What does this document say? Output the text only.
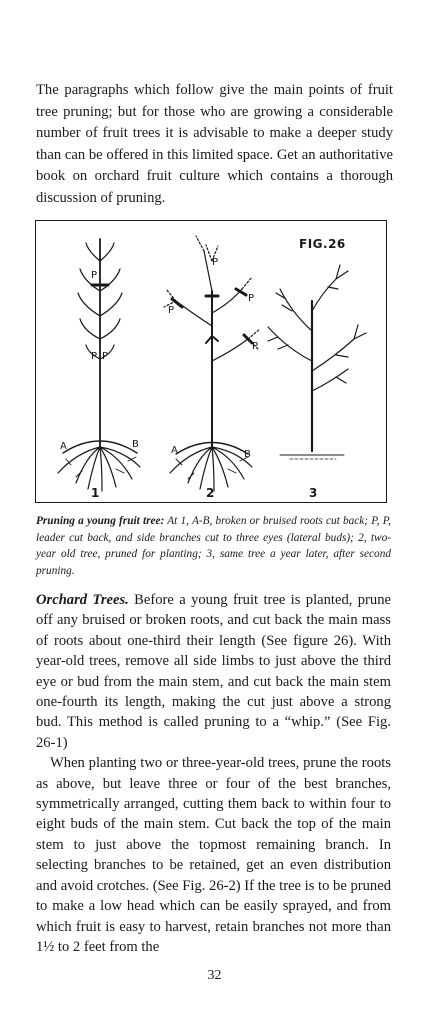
The paragraphs which follow give the main points of fruit tree pruning; but for those who are growing a considerable number of fruit trees it is advisable to make a deeper study than can be offered in this limited space. Get an authoritative book on orchard fruit culture which contains a thorough discussion of pruning.

FIG.26
P
P P
A	B
P
P
P
P
A	B
1	2	3

Pruning a young fruit tree: At 1, A-B, broken or bruised roots cut back; P, P, leader cut back, and side branches cut to three eyes (lateral buds); 2, two-year old tree, pruned for planting; 3, same tree a year later, after second pruning.

Orchard Trees. Before a young fruit tree is planted, prune off any bruised or broken roots, and cut back the main mass of roots about one-third their length (See figure 26). With year-old trees, remove all side limbs to just above the third eye or bud from the main stem, and cut back the main stem one-fourth its length, making the cut just above a strong bud. This method is called pruning to a “whip.” (See Fig. 26-1)

When planting two or three-year-old trees, prune the roots as above, but leave three or four of the best branches, symmetrically arranged, cutting them back to within four to eight buds of the main stem. Cut back the top of the main stem to just above the topmost remaining branch. In selecting branches to be retained, get an even distribution and avoid crotches. (See Fig. 26-2) If the tree is to be pruned to make a low head which can be easily sprayed, and from which fruit is easy to harvest, retain branches not more than 1½ to 2 feet from the

32
